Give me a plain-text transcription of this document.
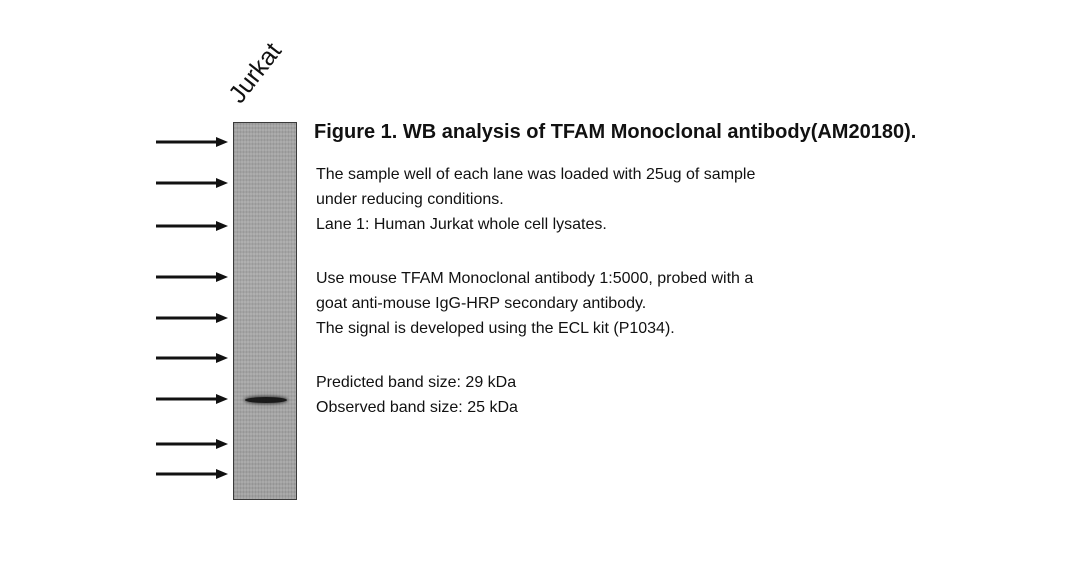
Jurkat
Figure 1. WB analysis of TFAM Monoclonal antibody(AM20180).
The sample well of each lane was loaded with 25ug of sample
under reducing conditions.
Lane 1: Human Jurkat whole cell lysates.
Use mouse TFAM Monoclonal antibody 1:5000, probed with a
goat anti-mouse IgG-HRP secondary antibody.
The signal is developed using the ECL kit (P1034).
Predicted band size: 29 kDa
Observed band size: 25 kDa
